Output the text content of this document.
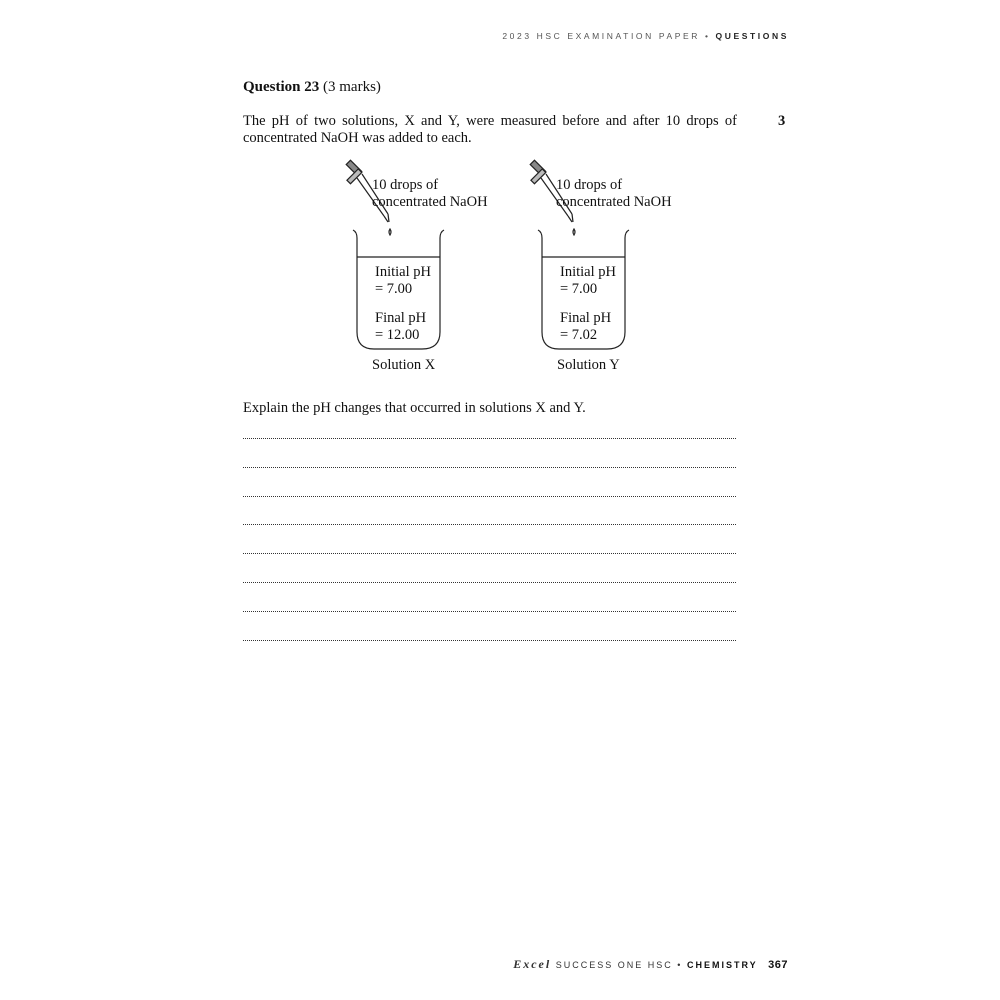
2023 HSC EXAMINATION PAPER • QUESTIONS
Question 23 (3 marks)
The pH of two solutions, X and Y, were measured before and after 10 drops of concentrated NaOH was added to each.
3
10 drops of
concentrated NaOH
Initial pH
= 7.00
Final pH
= 12.00
Solution X
10 drops of
concentrated NaOH
Initial pH
= 7.00
Final pH
= 7.02
Solution Y
Explain the pH changes that occurred in solutions X and Y.
Excel SUCCESS ONE HSC • CHEMISTRY 367
